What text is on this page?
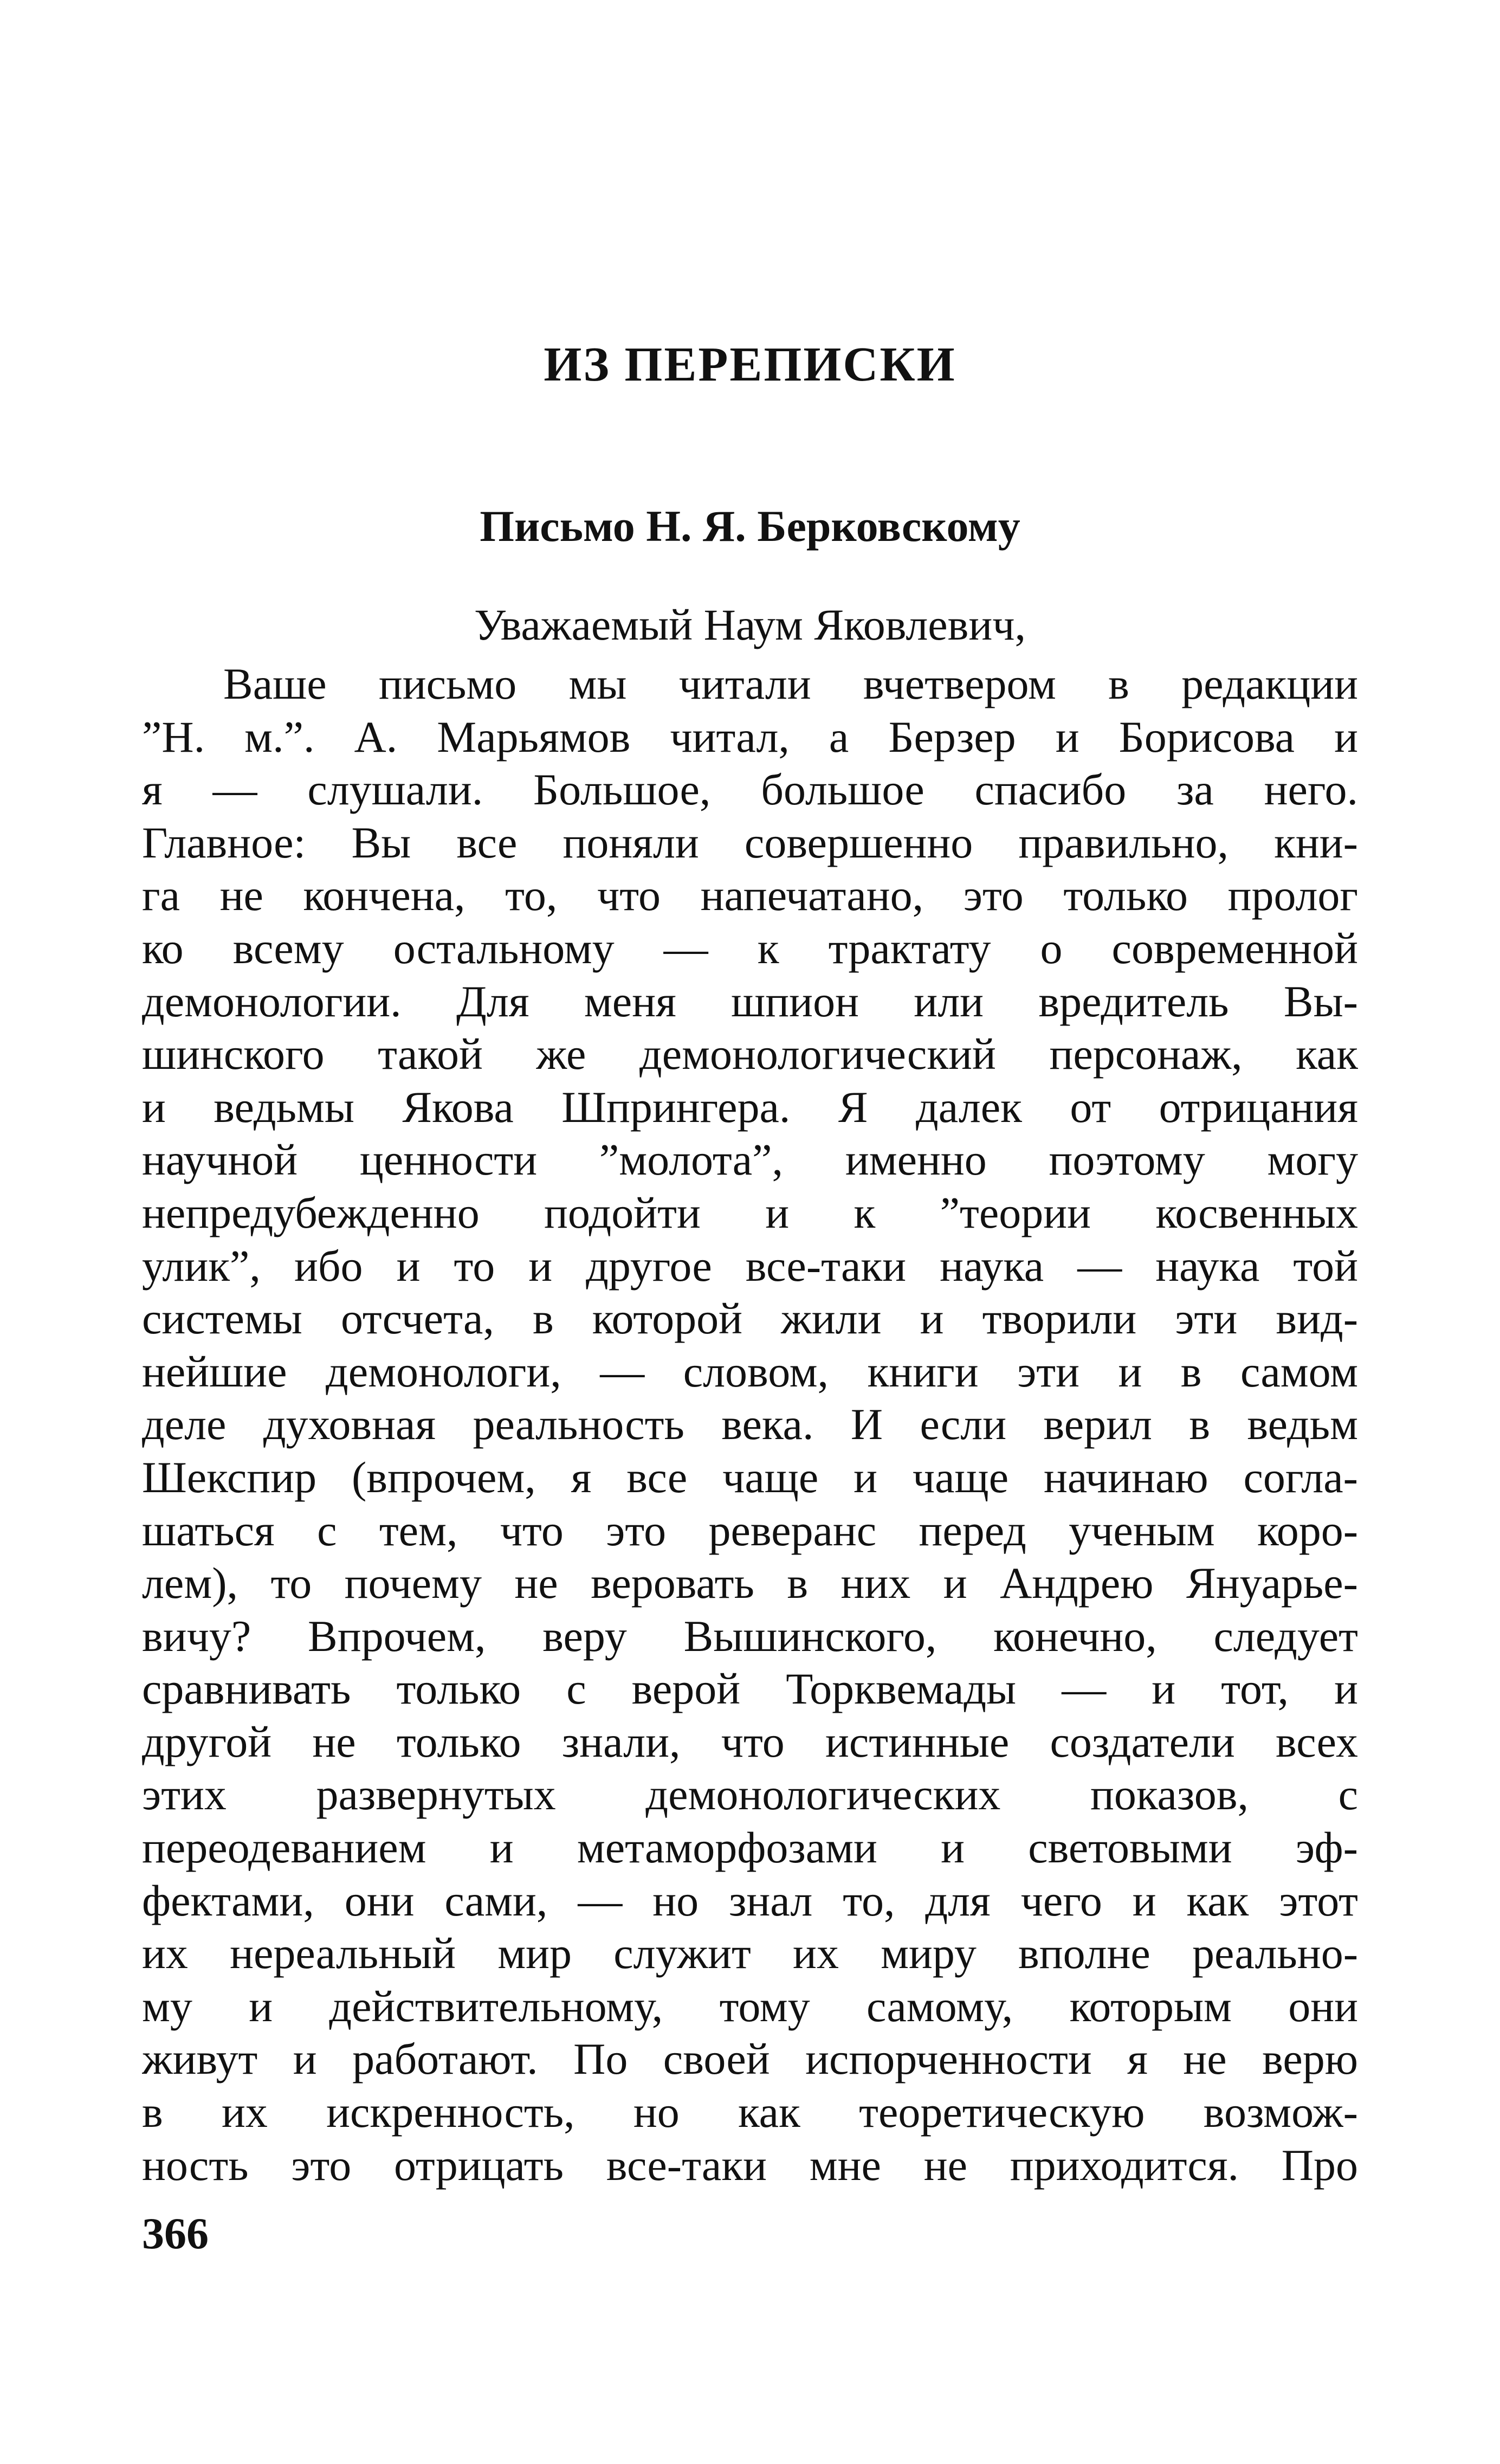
ИЗ ПЕРЕПИСКИ
Письмо Н. Я. Берковскому

Уважаемый Наум Яковлевич,

Ваше письмо мы читали вчетвером в редакции
”Н. м.”. А. Марьямов читал, а Берзер и Борисова и
я — слушали. Большое, большое спасибо за него.
Главное: Вы все поняли совершенно правильно, кни-
га не кончена, то, что напечатано, это только пролог
ко всему остальному — к трактату о современной
демонологии. Для меня шпион или вредитель Вы-
шинского такой же демонологический персонаж, как
и ведьмы Якова Шпрингера. Я далек от отрицания
научной ценности ”молота”, именно поэтому могу
непредубежденно подойти и к ”теории косвенных
улик”, ибо и то и другое все-таки наука — наука той
системы отсчета, в которой жили и творили эти вид-
нейшие демонологи, — словом, книги эти и в самом
деле духовная реальность века. И если верил в ведьм
Шекспир (впрочем, я все чаще и чаще начинаю согла-
шаться с тем, что это реверанс перед ученым коро-
лем), то почему не веровать в них и Андрею Януарье-
вичу? Впрочем, веру Вышинского, конечно, следует
сравнивать только с верой Торквемады — и тот, и
другой не только знали, что истинные создатели всех
этих развернутых демонологических показов, с
переодеванием и метаморфозами и световыми эф-
фектами, они сами, — но знал то, для чего и как этот
их нереальный мир служит их миру вполне реально-
му и действительному, тому самому, которым они
живут и работают. По своей испорченности я не верю
в их искренность, но как теоретическую возмож-
ность это отрицать все-таки мне не приходится. Про
366
